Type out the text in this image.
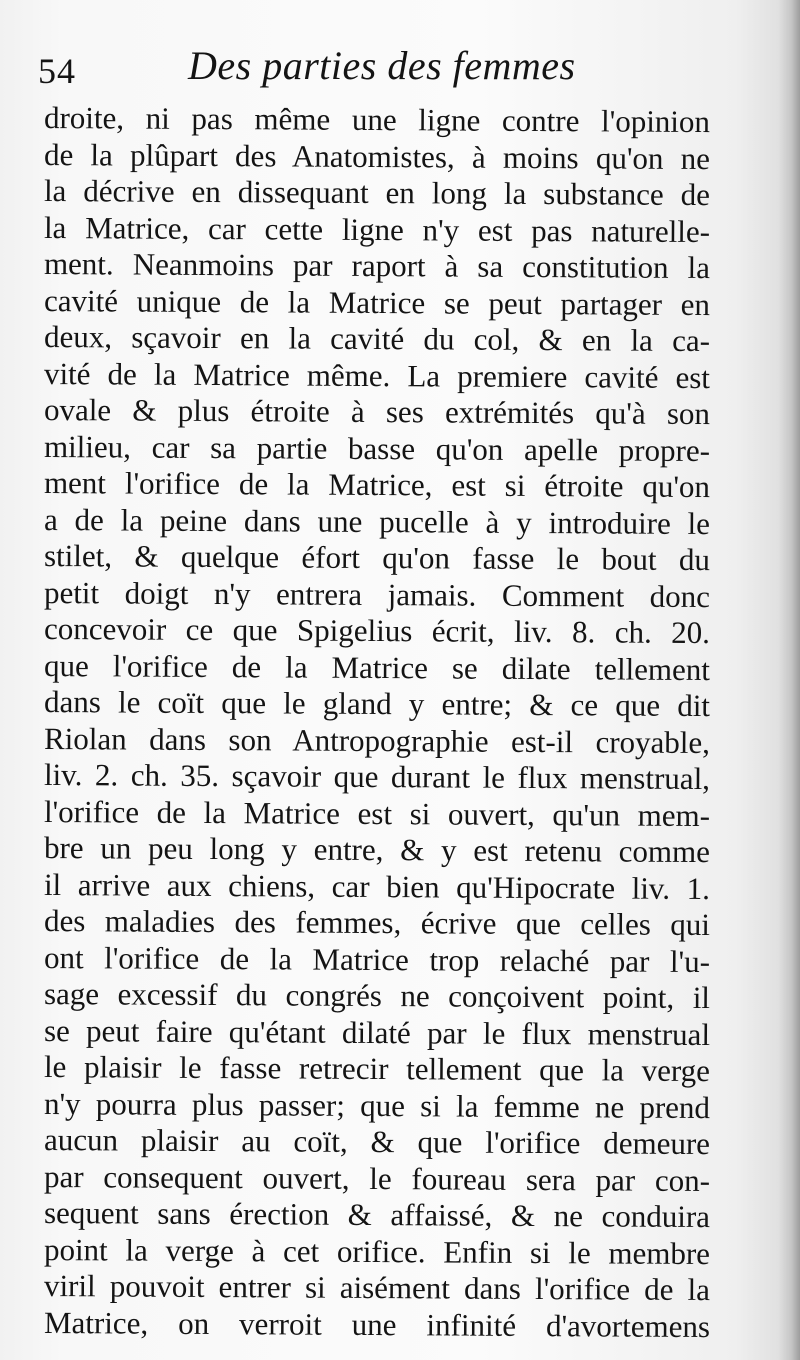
54	Des parties des femmes
droite, ni pas même une ligne contre l'opinion
de la plûpart des Anatomistes, à moins qu'on ne
la décrive en dissequant en long la substance de
la Matrice, car cette ligne n'y est pas naturelle-
ment. Neanmoins par raport à sa constitution la
cavité unique de la Matrice se peut partager en
deux, sçavoir en la cavité du col, & en la ca-
vité de la Matrice même. La premiere cavité est
ovale & plus étroite à ses extrémités qu'à son
milieu, car sa partie basse qu'on apelle propre-
ment l'orifice de la Matrice, est si étroite qu'on
a de la peine dans une pucelle à y introduire le
stilet, & quelque éfort qu'on fasse le bout du
petit doigt n'y entrera jamais. Comment donc
concevoir ce que Spigelius écrit, liv. 8. ch. 20.
que l'orifice de la Matrice se dilate tellement
dans le coït que le gland y entre; & ce que dit
Riolan dans son Antropographie est-il croyable,
liv. 2. ch. 35. sçavoir que durant le flux menstrual,
l'orifice de la Matrice est si ouvert, qu'un mem-
bre un peu long y entre, & y est retenu comme
il arrive aux chiens, car bien qu'Hipocrate liv. 1.
des maladies des femmes, écrive que celles qui
ont l'orifice de la Matrice trop relaché par l'u-
sage excessif du congrés ne conçoivent point, il
se peut faire qu'étant dilaté par le flux menstrual
le plaisir le fasse retrecir tellement que la verge
n'y pourra plus passer; que si la femme ne prend
aucun plaisir au coït, & que l'orifice demeure
par consequent ouvert, le foureau sera par con-
sequent sans érection & affaissé, & ne conduira
point la verge à cet orifice. Enfin si le membre
viril pouvoit entrer si aisément dans l'orifice de la
Matrice, on verroit une infinité d'avortemens
